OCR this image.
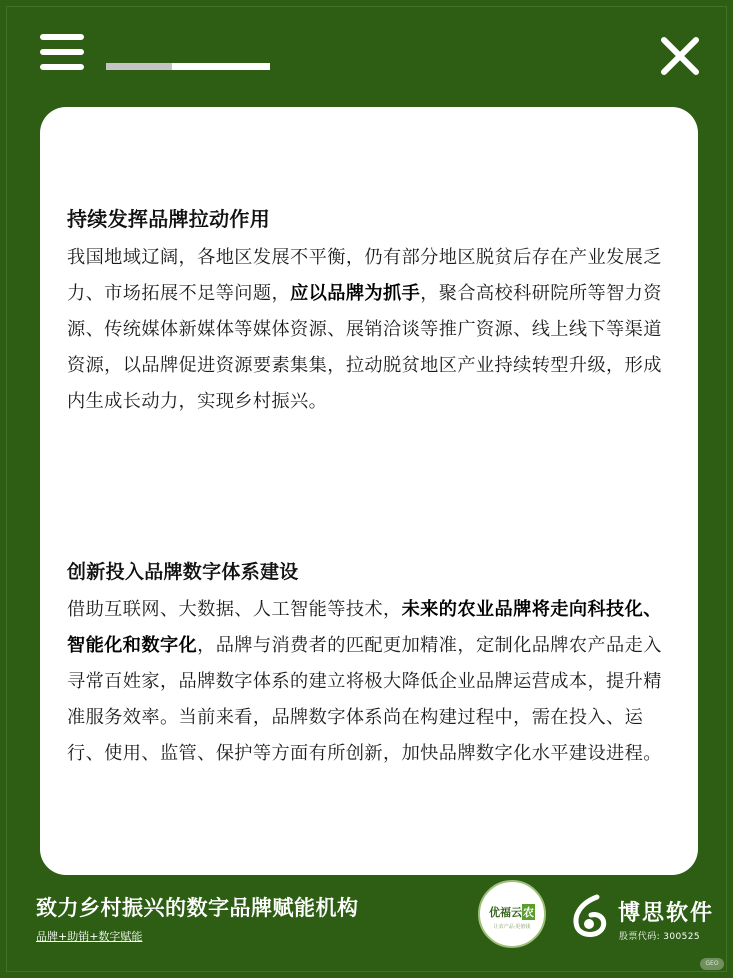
持续发挥品牌拉动作用

我国地域辽阔，各地区发展不平衡，仍有部分地区脱贫后存在产业发展乏力、市场拓展不足等问题，应以品牌为抓手，聚合高校科研院所等智力资源、传统媒体新媒体等媒体资源、展销洽谈等推广资源、线上线下等渠道资源，以品牌促进资源要素集集，拉动脱贫地区产业持续转型升级，形成内生成长动力，实现乡村振兴。

创新投入品牌数字体系建设

借助互联网、大数据、人工智能等技术，未来的农业品牌将走向科技化、智能化和数字化，品牌与消费者的匹配更加精准，定制化品牌农产品走入寻常百姓家，品牌数字体系的建立将极大降低企业品牌运营成本，提升精准服务效率。当前来看，品牌数字体系尚在构建过程中，需在投入、运行、使用、监管、保护等方面有所创新，加快品牌数字化水平建设进程。

致力乡村振兴的数字品牌赋能机构
品牌+助销+数字赋能
优福云农
让农产品·更值钱

博思软件

股票代码: 300525
GEO
